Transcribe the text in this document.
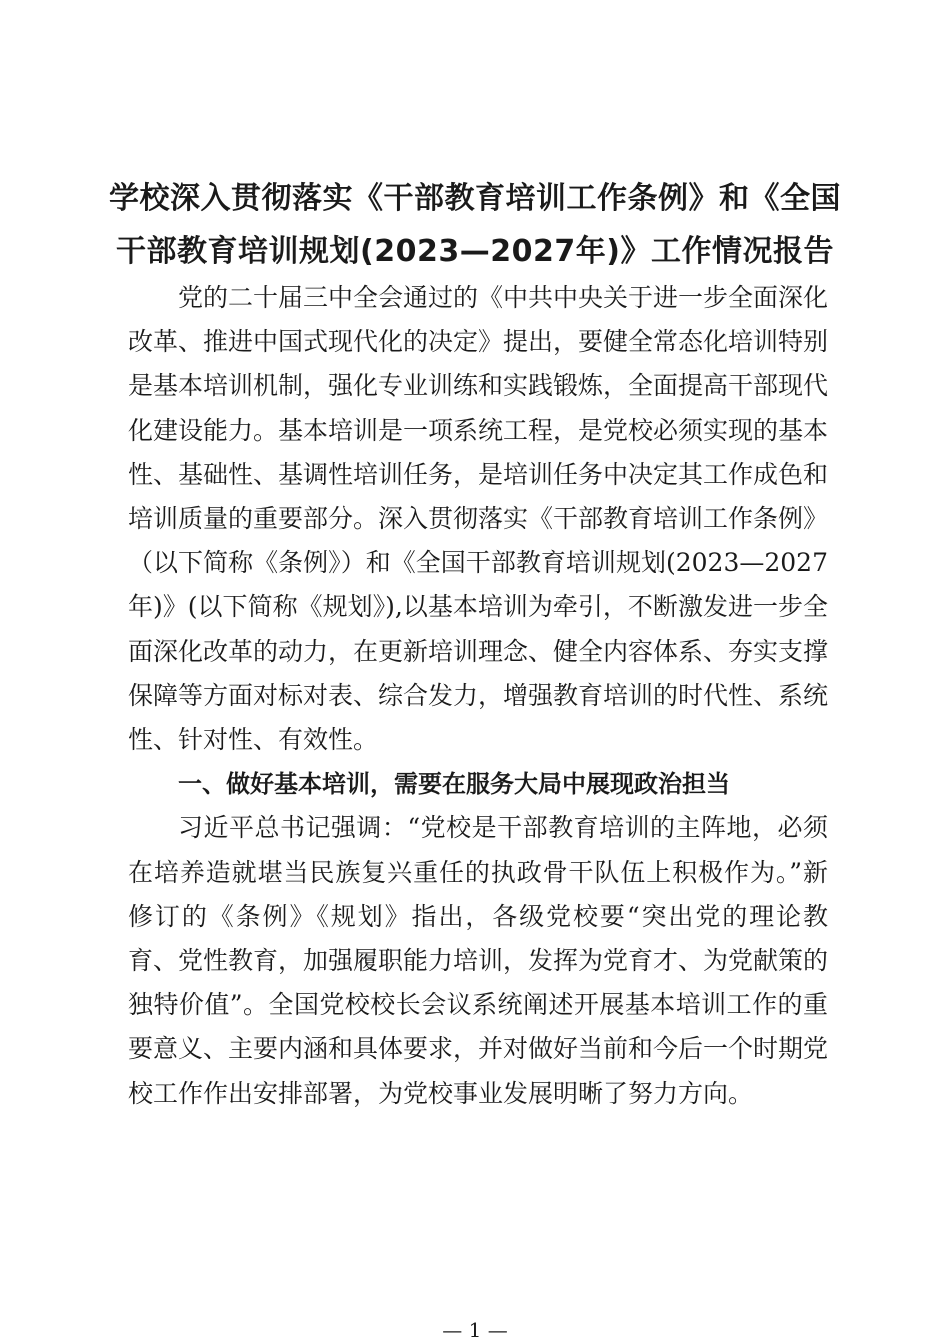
学校深入贯彻落实《干部教育培训工作条例》和《全国
干部教育培训规划(2023—2027年)》工作情况报告

党的二十届三中全会通过的《中共中央关于进一步全面深化改革、推进中国式现代化的决定》提出，要健全常态化培训特别是基本培训机制，强化专业训练和实践锻炼，全面提高干部现代化建设能力。基本培训是一项系统工程，是党校必须实现的基本性、基础性、基调性培训任务，是培训任务中决定其工作成色和培训质量的重要部分。深入贯彻落实《干部教育培训工作条例》（以下简称《条例》）和《全国干部教育培训规划(2023—2027年)》(以下简称《规划》),以基本培训为牵引，不断激发进一步全面深化改革的动力，在更新培训理念、健全内容体系、夯实支撑保障等方面对标对表、综合发力，增强教育培训的时代性、系统性、针对性、有效性。

一、做好基本培训，需要在服务大局中展现政治担当

习近平总书记强调：“党校是干部教育培训的主阵地，必须在培养造就堪当民族复兴重任的执政骨干队伍上积极作为。”新修订的《条例》《规划》指出，各级党校要“突出党的理论教育、党性教育，加强履职能力培训，发挥为党育才、为党献策的独特价值”。全国党校校长会议系统阐述开展基本培训工作的重要意义、主要内涵和具体要求，并对做好当前和今后一个时期党校工作作出安排部署，为党校事业发展明晰了努力方向。

— 1 —
